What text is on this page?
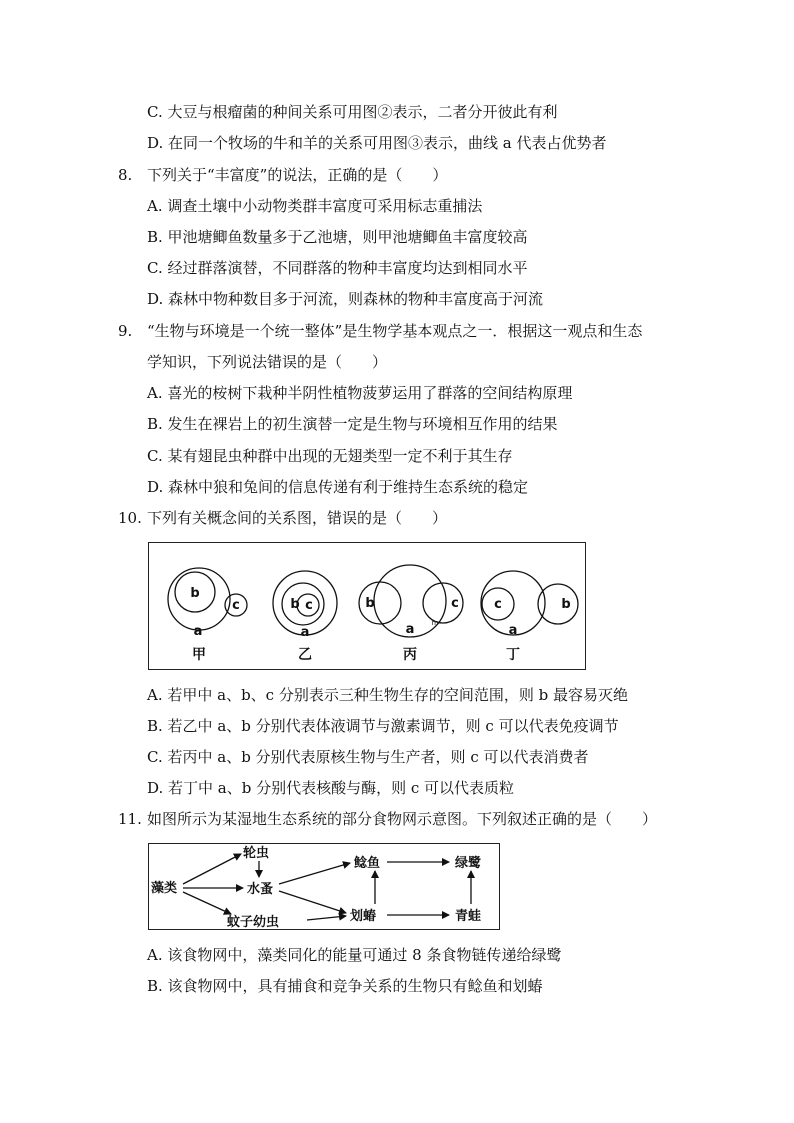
C. 大豆与根瘤菌的种间关系可用图②表示，二者分开彼此有利
D. 在同一个牧场的牛和羊的关系可用图③表示，曲线 a 代表占优势者
8. 下列关于“丰富度”的说法，正确的是（　　）
A. 调查土壤中小动物类群丰富度可采用标志重捕法
B. 甲池塘鲫鱼数量多于乙池塘，则甲池塘鲫鱼丰富度较高
C. 经过群落演替，不同群落的物种丰富度均达到相同水平
D. 森林中物种数目多于河流，则森林的物种丰富度高于河流
9. “生物与环境是一个统一整体”是生物学基本观点之一．根据这一观点和生态
学知识，下列说法错误的是（　　）
A. 喜光的桉树下栽种半阴性植物菠萝运用了群落的空间结构原理
B. 发生在裸岩上的初生演替一定是生物与环境相互作用的结果
C. 某有翅昆虫种群中出现的无翅类型一定不利于其生存
D. 森林中狼和兔间的信息传递有利于维持生态系统的稳定
10. 下列有关概念间的关系图，错误的是（　　）
b
c
a
b c
a
b	c
a m
c	b
a
甲	乙	丙	丁
A. 若甲中 a、b、c 分别表示三种生物生存的空间范围，则 b 最容易灭绝
B. 若乙中 a、b 分别代表体液调节与激素调节，则 c 可以代表免疫调节
C. 若丙中 a、b 分别代表原核生物与生产者，则 c 可以代表消费者
D. 若丁中 a、b 分别代表核酸与酶，则 c 可以代表质粒
11. 如图所示为某湿地生态系统的部分食物网示意图。下列叙述正确的是（　　）
藻类
轮虫
水蚤
蚊子幼虫
鲶鱼
划蝽
绿鹭
青蛙
A. 该食物网中，藻类同化的能量可通过 8 条食物链传递给绿鹭
B. 该食物网中，具有捕食和竞争关系的生物只有鲶鱼和划蝽
